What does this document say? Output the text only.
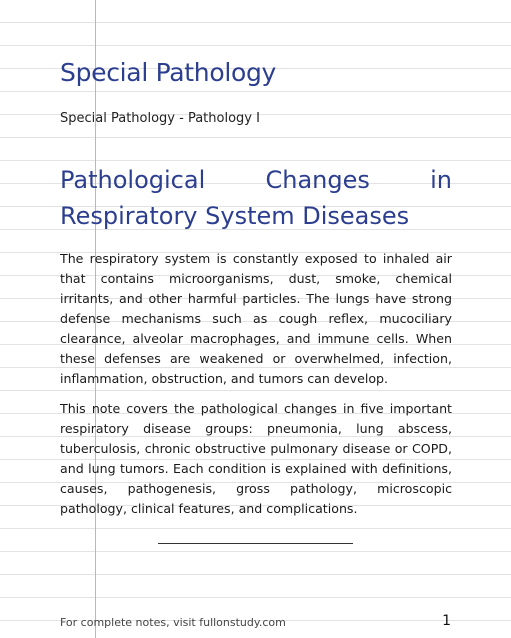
Special Pathology
Special Pathology - Pathology I
Pathological Changes in Respiratory System Diseases

The respiratory system is constantly exposed to inhaled air that contains microorganisms, dust, smoke, chemical irritants, and other harmful particles. The lungs have strong defense mechanisms such as cough reflex, mucociliary clearance, alveolar macrophages, and immune cells. When these defenses are weakened or overwhelmed, infection, inflammation, obstruction, and tumors can develop.

This note covers the pathological changes in five important respiratory disease groups: pneumonia, lung abscess, tuberculosis, chronic obstructive pulmonary disease or COPD, and lung tumors. Each condition is explained with definitions, causes, pathogenesis, gross pathology, microscopic pathology, clinical features, and complications.

For complete notes, visit fullonstudy.com	1
